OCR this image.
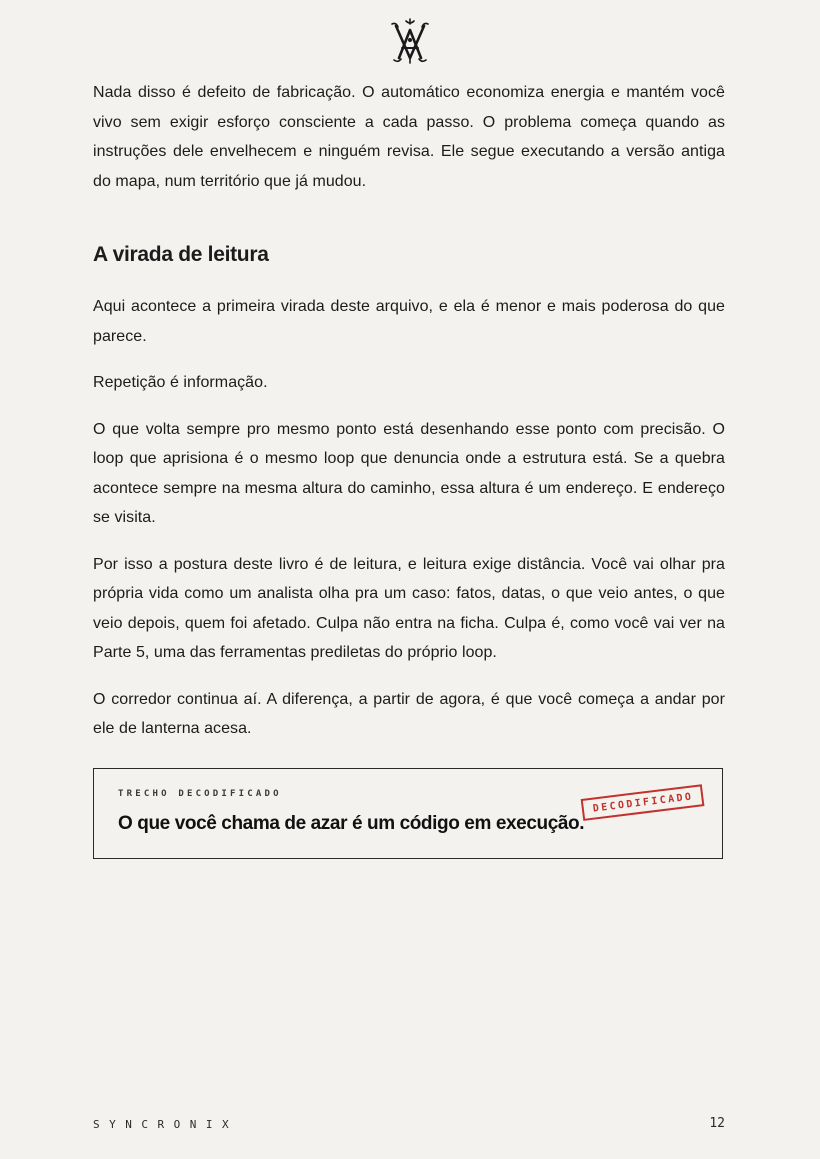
Nada disso é defeito de fabricação. O automático economiza energia e mantém você vivo sem exigir esforço consciente a cada passo. O problema começa quando as instruções dele envelhecem e ninguém revisa. Ele segue executando a versão antiga do mapa, num território que já mudou.

A virada de leitura

Aqui acontece a primeira virada deste arquivo, e ela é menor e mais poderosa do que parece.

Repetição é informação.

O que volta sempre pro mesmo ponto está desenhando esse ponto com precisão. O loop que aprisiona é o mesmo loop que denuncia onde a estrutura está. Se a quebra acontece sempre na mesma altura do caminho, essa altura é um endereço. E endereço se visita.

Por isso a postura deste livro é de leitura, e leitura exige distância. Você vai olhar pra própria vida como um analista olha pra um caso: fatos, datas, o que veio antes, o que veio depois, quem foi afetado. Culpa não entra na ficha. Culpa é, como você vai ver na Parte 5, uma das ferramentas prediletas do próprio loop.

O corredor continua aí. A diferença, a partir de agora, é que você começa a andar por ele de lanterna acesa.

TRECHO DECODIFICADO
O que você chama de azar é um código em execução.
DECODIFICADO
SYNCRONIX	12
